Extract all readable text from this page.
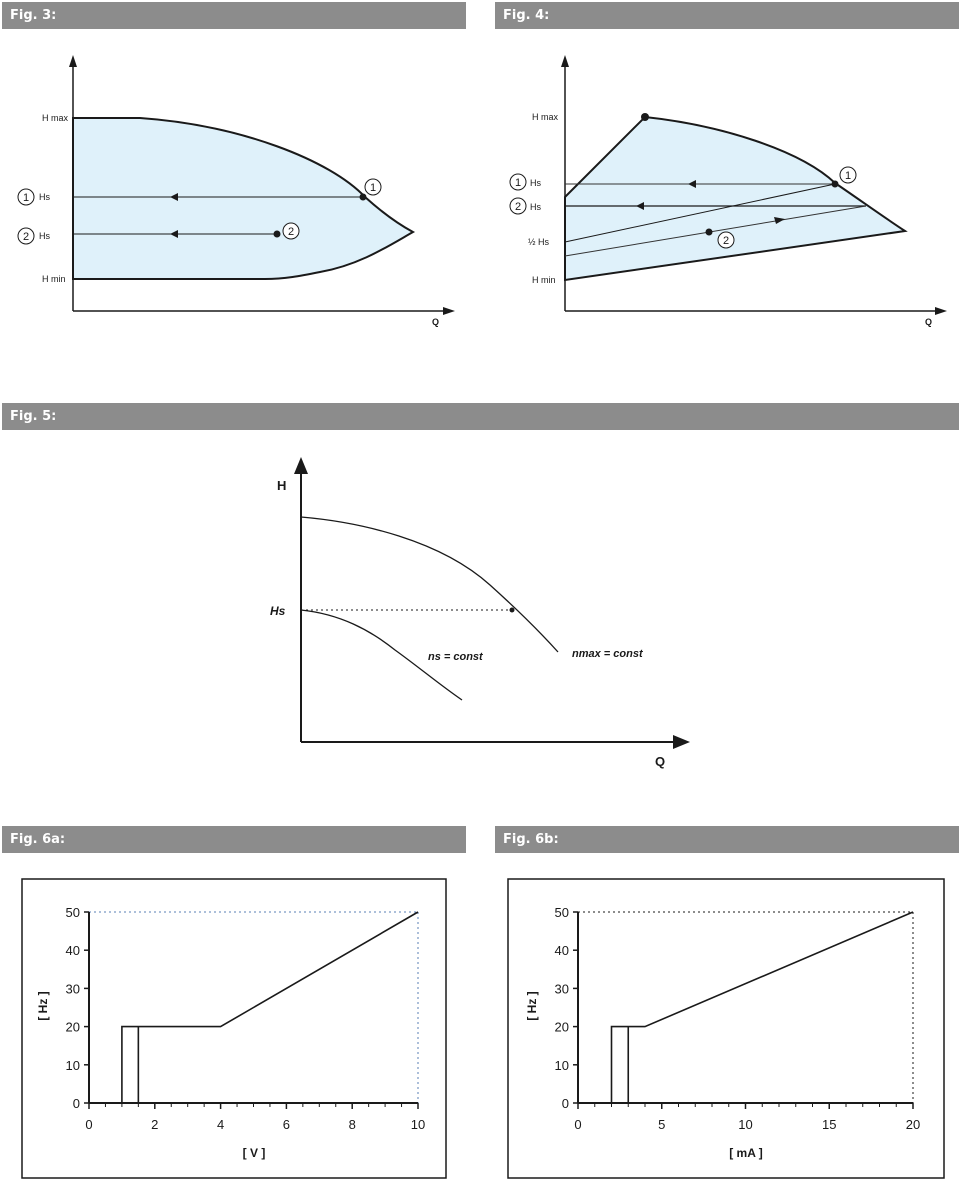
Fig. 3:	Fig. 4:
Fig. 5:
Fig. 6a:	Fig. 6b:
1
2
H max
H min
1 Hs
2 Hs
Q
1
2
H max
1 Hs
2 Hs
½ Hs
H min
Q
H
Q
Hs
ns = const	nmax = const
0
10
20
30
40
50
0	2	4	6	8	10
[ V ]
[ Hz ]
0
10
20
30
40
50
0	5	10	15	20
[ mA ]
[ Hz ]
